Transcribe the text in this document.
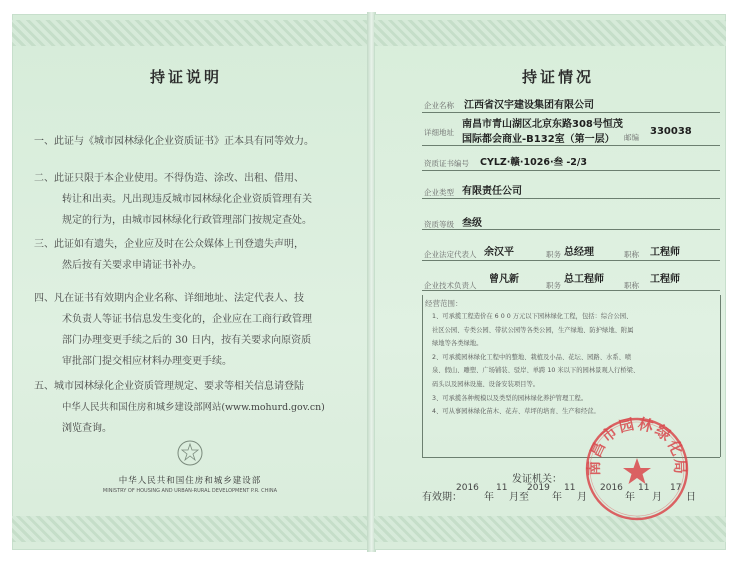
持证说明
一、此证与《城市园林绿化企业资质证书》正本具有同等效力。
二、此证只限于本企业使用。不得伪造、涂改、出租、借用、
转让和出卖。凡出现违反城市园林绿化企业资质管理有关
规定的行为，由城市园林绿化行政管理部门按规定查处。
三、此证如有遗失，企业应及时在公众媒体上刊登遗失声明，
然后按有关要求申请证书补办。
四、凡在证书有效期内企业名称、详细地址、法定代表人、技
术负责人等证书信息发生变化的，企业应在工商行政管理
部门办理变更手续之后的 30 日内，按有关要求向原资质
审批部门提交相应材料办理变更手续。
五、城市园林绿化企业资质管理规定、要求等相关信息请登陆
中华人民共和国住房和城乡建设部网站(www.mohurd.gov.cn)
浏览查询。
中华人民共和国住房和城乡建设部
MINISTRY OF HOUSING AND URBAN-RURAL DEVELOPMENT P.R. CHINA
持证情况
企业名称 江西省汉宇建设集团有限公司
详细地址
南昌市青山湖区北京东路308号恒茂
国际都会商业-B132室（第一层） 邮编
330038
资质证书编号 CYLZ·赣·1026·叁 -2/3
企业类型 有限责任公司
资质等级 叁级
企业法定代表人 余汉平	职务 总经理	职称 工程师
企业技术负责人
曾凡新
职务
总工程师
职称
工程师
经营范围：
1、可承揽工程造价在 6 0 0 万元以下园林绿化工程，包括：综合公园、
社区公园、专类公园、带状公园等各类公园，生产绿地、防护绿地、附属
绿地等各类绿地。
2、可承揽园林绿化工程中的整地、栽植及小品、花坛、园路、水系、喷
泉、假山、雕塑、广场铺装、驳岸、单跨 10 米以下的园林景观人行桥梁、
码头以及园林设施、设备安装项目等。
3、可承揽各种规模以及类型的园林绿化养护管理工程。
4、可从事园林绿化苗木、花卉、草坪的培育、生产和经营。
发证机关：
有效期：
2016
年
11
月至
2019
年
11
月
2016
年
11
月
17
日
南昌市园林绿化局
